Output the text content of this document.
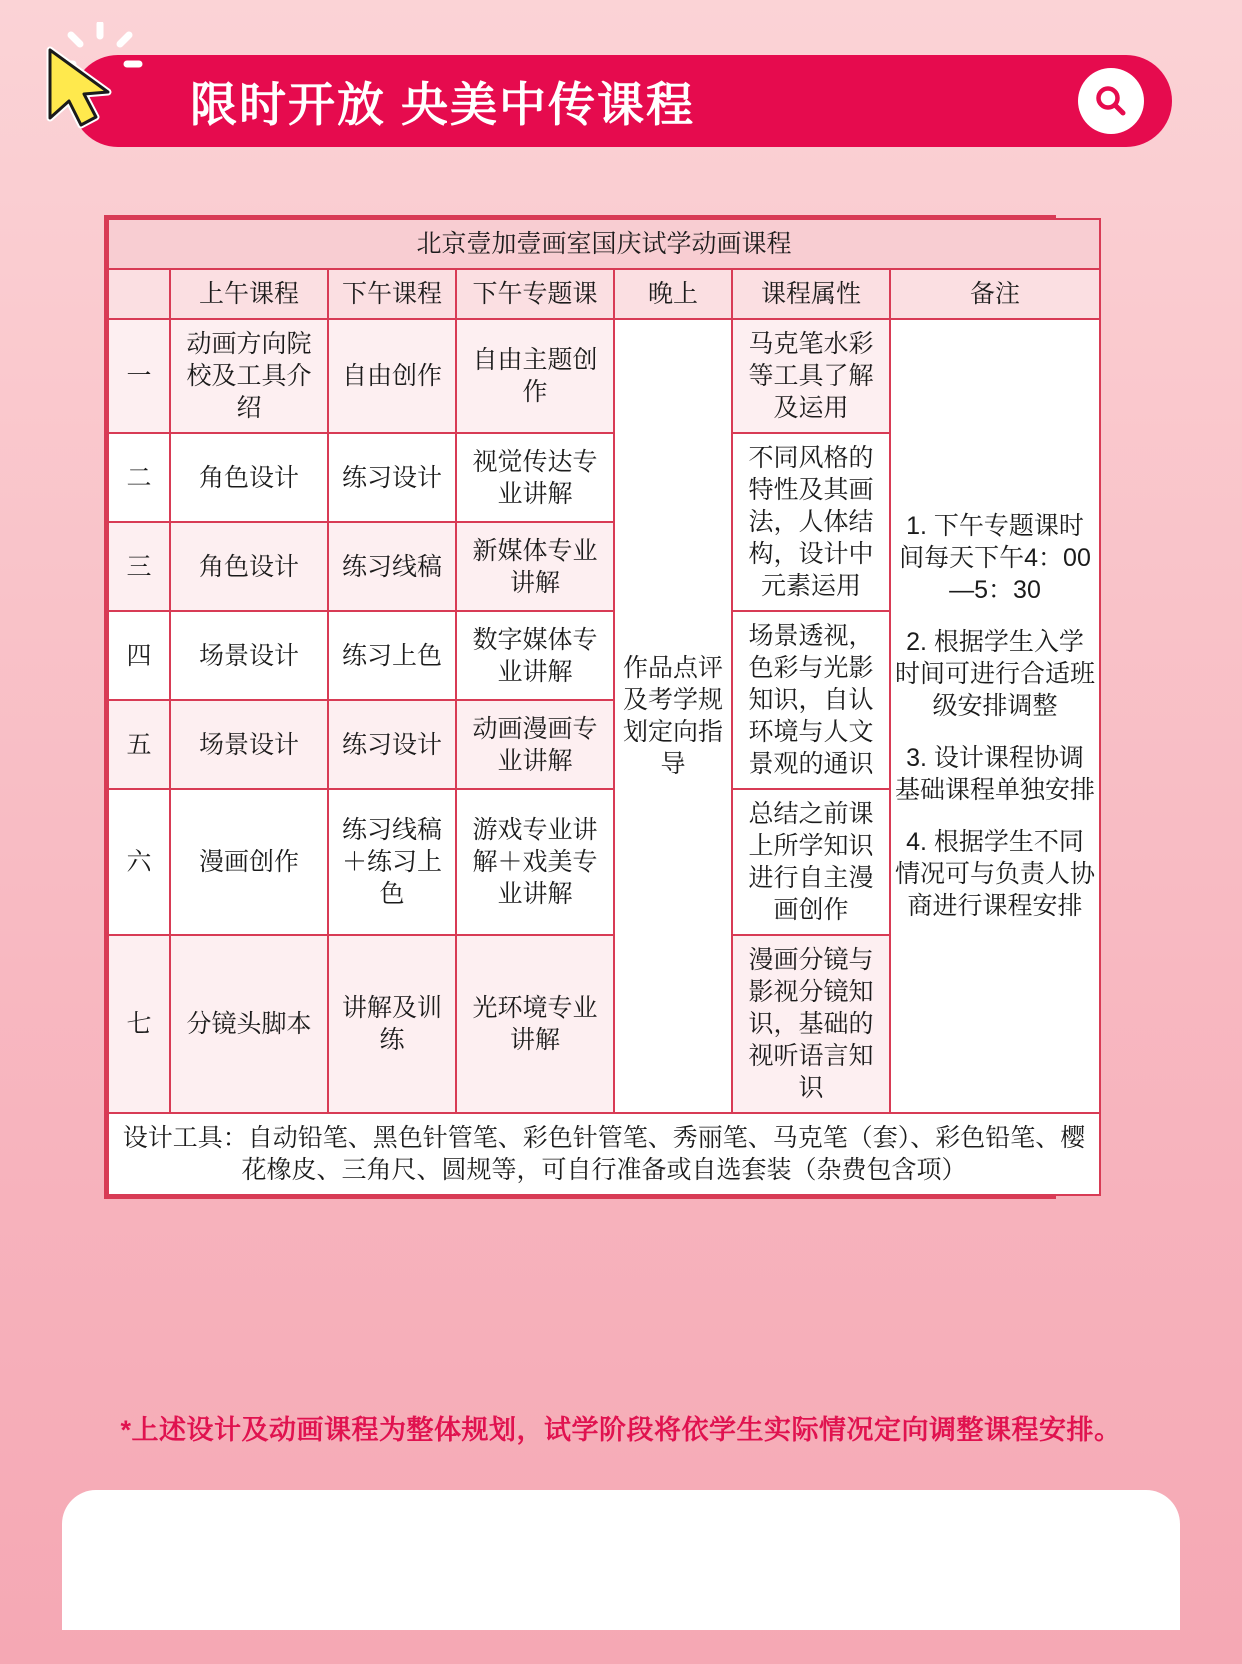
限时开放 央美中传课程
北京壹加壹画室国庆试学动画课程						
	上午课程	下午课程	下午专题课	晚上	课程属性	备注
一	动画方向院校及工具介绍	自由创作	自由主题创作	作品点评及考学规划定向指导	马克笔水彩等工具了解及运用	1. 下午专题课时间每天下午4：00—5：30

2. 根据学生入学时间可进行合适班级安排调整

3. 设计课程协调基础课程单独安排

4. 根据学生不同情况可与负责人协商进行课程安排

二	角色设计	练习设计	视觉传达专业讲解		不同风格的特性及其画法，人体结构，设计中元素运用	
三	角色设计	练习线稿	新媒体专业讲解			
四	场景设计	练习上色	数字媒体专业讲解		场景透视，色彩与光影知识，自认环境与人文景观的通识	
五	场景设计	练习设计	动画漫画专业讲解			
六	漫画创作	练习线稿＋练习上色	游戏专业讲解＋戏美专业讲解		总结之前课上所学知识进行自主漫画创作	
七	分镜头脚本	讲解及训练	光环境专业讲解		漫画分镜与影视分镜知识，基础的视听语言知识	
设计工具：自动铅笔、黑色针管笔、彩色针管笔、秀丽笔、马克笔（套）、彩色铅笔、樱花橡皮、三角尺、圆规等，可自行准备或自选套装（杂费包含项）						
*上述设计及动画课程为整体规划，试学阶段将依学生实际情况定向调整课程安排。
